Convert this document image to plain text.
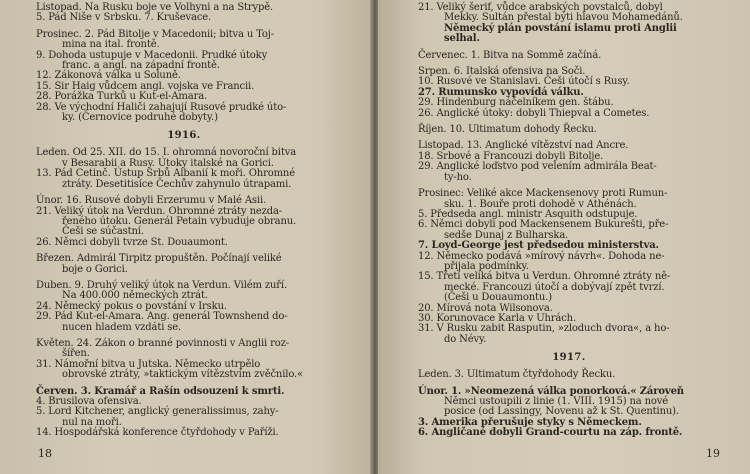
Listopad. Na Rusku boje ve Volhyni a na Strypě.
5. Pád Niše v Srbsku. 7. Kruševace.
Prosinec. 2. Pád Bitolje v Macedonii; bitva u Toj-
mina na ital. frontě.
9. Dohoda ustupuje v Macedonii. Prudké útoky
franc. a angl. na západní frontě.
12. Zákonová válka u Soluně.
15. Sir Haig vůdcem angl. vojska ve Francii.
28. Porážka Turků u Kut-el-Amara.
28. Ve východní Haliči zahajují Rusové prudké úto-
ky. (Černovice podruhé dobyty.)
1916.
Leden. Od 25. XII. do 15. I. ohromná novoroční bitva
v Besarabii a Rusy. Útoky italské na Gorici.
13. Pád Cetinč. Ústup Srbů Albanií k moři. Ohromné
ztráty. Desetitisíce Čechův zahynulo útrapami.
Únor. 16. Rusové dobyli Erzerumu v Malé Asii.
21. Veliký útok na Verdun. Ohromné ztráty nezda-
řeného útoku. Generál Petain vybuduje obranu.
Češi se súčastní.
26. Němci dobyli tvrze St. Douaumont.
Březen. Admirál Tirpitz propuštěn. Počínají veliké
boje o Gorici.
Duben. 9. Druhý veliký útok na Verdun. Vilém zuří.
Na 400.000 německých ztrát.
24. Německý pokus o povstání v Irsku.
29. Pád Kut-el-Amara. Ang. generál Townshend do-
nucen hladem vzdáti se.
Květen. 24. Zákon o branné povinnosti v Anglii roz-
šířen.
31. Námořní bitva u Jutska. Německo utrpělo
obrovské ztráty, »taktickým vítězstvím zvěčnilo.«
Červen. 3. Kramář a Rašín odsouzeni k smrti.
4. Brusilova ofensiva.
5. Lord Kitchener, anglický generalissimus, zahy-
nul na moři.
14. Hospodářská konference čtyřdohody v Paříži.
18
21. Veliký šerif, vůdce arabských povstalců, dobyl
Mekky. Sultán přestal býti hlavou Mohamedánů.
Německý plán povstání islamu proti Anglii
selhal.
Červenec. 1. Bitva na Sommě začíná.
Srpen. 6. Italská ofensiva na Soči.
10. Rusové ve Stanislavi. Češi útočí s Rusy.
27. Rumunsko vypovídá válku.
29. Hindenburg náčelníkem gen. štábu.
26. Anglické útoky: dobyli Thiepval a Cometes.
Říjen. 10. Ultimatum dohody Řecku.
Listopad. 13. Anglické vítězství nad Ancre.
18. Srbové a Francouzi dobyli Bitolje.
29. Anglické loďstvo pod velením admirála Beat-
ty-ho.
Prosinec: Veliké akce Mackensenovy proti Rumun-
sku. 1. Bouře proti dohodě v Athénách.
5. Předseda angl. ministr Asquith odstupuje.
6. Němci dobyli pod Mackensenem Bukurešti, pře-
sedše Dunaj z Bulharska.
7. Loyd-George jest předsedou ministerstva.
12. Německo podává »mírový návrh«. Dohoda ne-
přijala podmínky.
15. Třetí veliká bitva u Verdun. Ohromné ztráty ně-
mecké. Francouzi útočí a dobývají zpět tvrzí.
(Češi u Douaumontu.)
20. Mírová nota Wilsonova.
30. Korunovace Karla v Uhrách.
31. V Rusku zabit Rasputin, »zloduch dvora«, a ho-
do Névy.
1917.
Leden. 3. Ultimatum čtyřdohody Řecku.
Únor. 1. »Neomezená válka ponorková.« Zároveň
Němci ustoupili z linie (1. VIII. 1915) na nové
posice (od Lassingy, Novenu až k St. Quentinu).
3. Amerika přerušuje styky s Německem.
6. Angličané dobyli Grand-courtu na záp. frontě.
19
